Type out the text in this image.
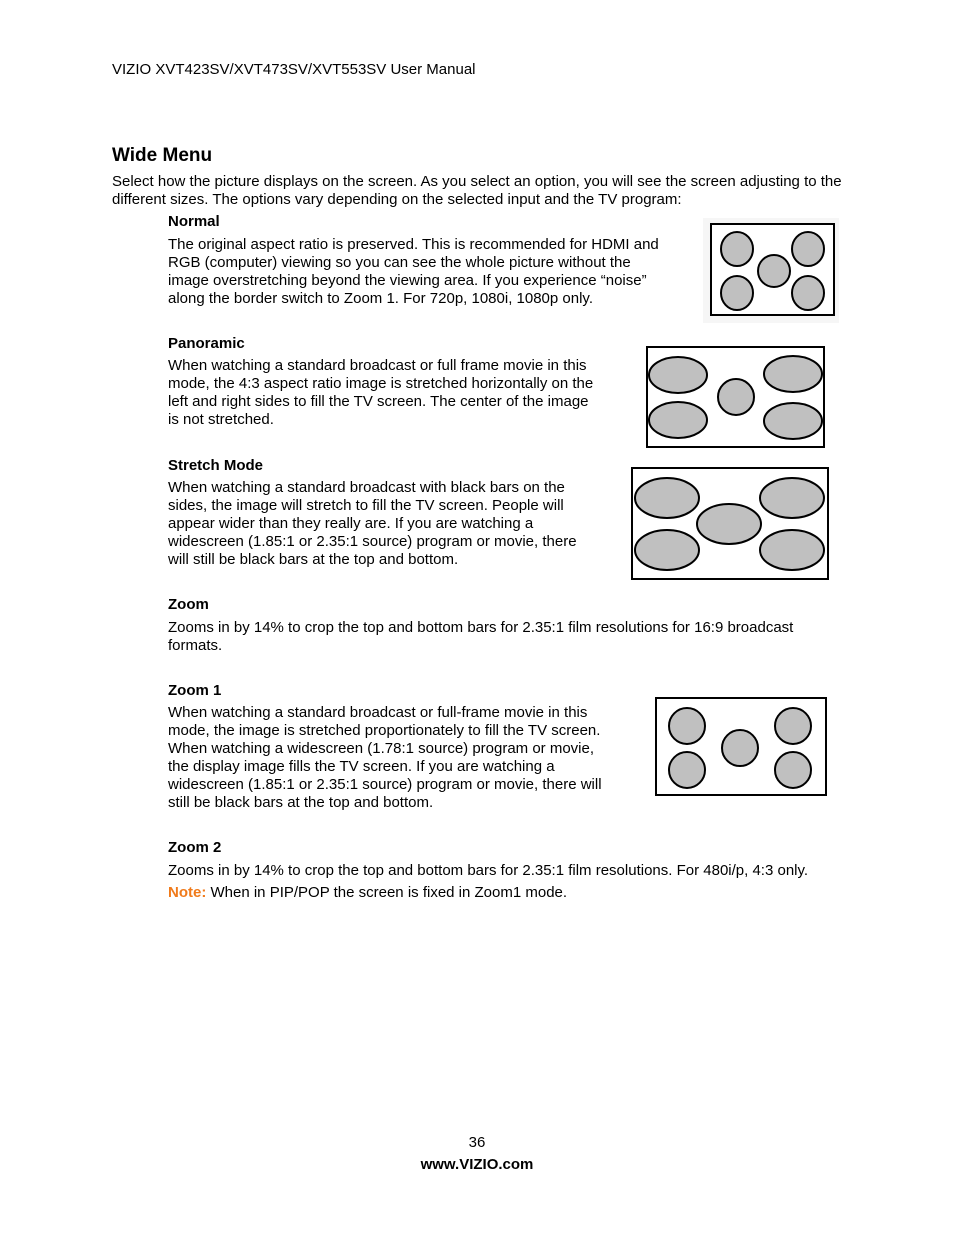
VIZIO XVT423SV/XVT473SV/XVT553SV User Manual
Wide Menu
Select how the picture displays on the screen. As you select an option, you will see the screen adjusting to the different sizes. The options vary depending on the selected input and the TV program:
Normal
The original aspect ratio is preserved. This is recommended for HDMI and
RGB (computer) viewing so you can see the whole picture without the
image overstretching beyond the viewing area. If you experience “noise”
along the border switch to Zoom 1. For 720p, 1080i, 1080p only.
Panoramic
When watching a standard broadcast or full frame movie in this
mode, the 4:3 aspect ratio image is stretched horizontally on the
left and right sides to fill the TV screen. The center of the image
is not stretched.
Stretch Mode
When watching a standard broadcast with black bars on the
sides, the image will stretch to fill the TV screen. People will
appear wider than they really are. If you are watching a
widescreen (1.85:1 or 2.35:1 source) program or movie, there
will still be black bars at the top and bottom.
Zoom
Zooms in by 14% to crop the top and bottom bars for 2.35:1 film resolutions for 16:9 broadcast
formats.
Zoom 1
When watching a standard broadcast or full-frame movie in this
mode, the image is stretched proportionately to fill the TV screen.
When watching a widescreen (1.78:1 source) program or movie,
the display image fills the TV screen. If you are watching a
widescreen (1.85:1 or 2.35:1 source) program or movie, there will
still be black bars at the top and bottom.
Zoom 2
Zooms in by 14% to crop the top and bottom bars for 2.35:1 film resolutions. For 480i/p, 4:3 only.
Note: When in PIP/POP the screen is fixed in Zoom1 mode.
36
www.VIZIO.com
